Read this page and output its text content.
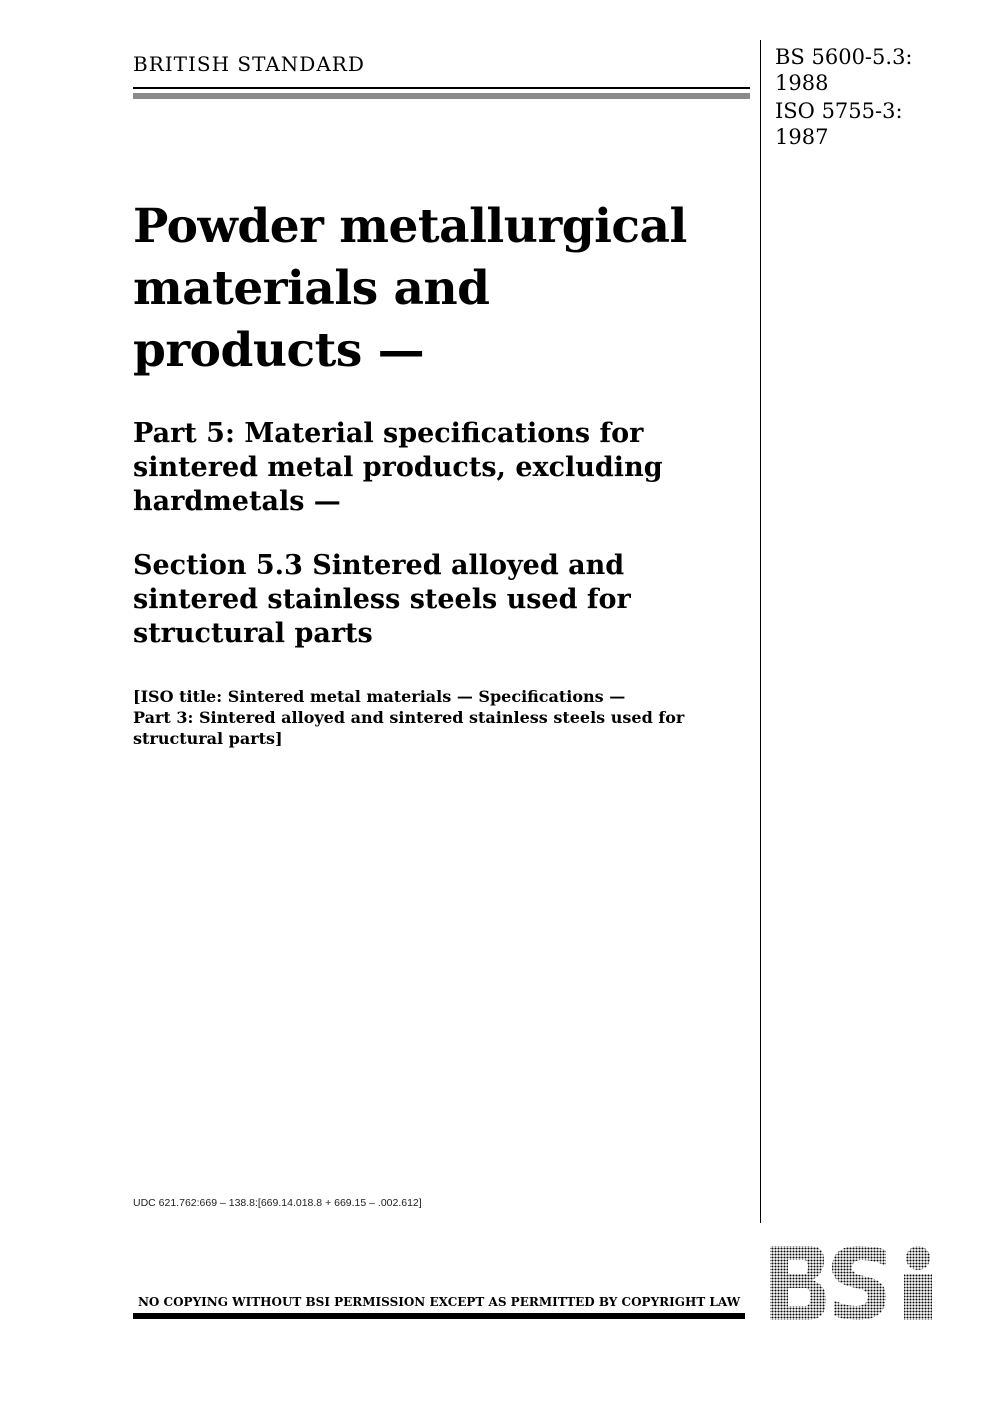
BRITISH STANDARD	BS 5600-5.3:
1988
ISO 5755-3:
1987
Powder metallurgical
materials and
products —
Part 5: Material specifications for
sintered metal products, excluding
hardmetals —
Section 5.3 Sintered alloyed and
sintered stainless steels used for
structural parts

[ISO title: Sintered metal materials — Specifications —
Part 3: Sintered alloyed and sintered stainless steels used for
structural parts]

UDC 621.762:669 – 138.8:[669.14.018.8 + 669.15 – .002.612]
NO COPYING WITHOUT BSI PERMISSION EXCEPT AS PERMITTED BY COPYRIGHT LAW
